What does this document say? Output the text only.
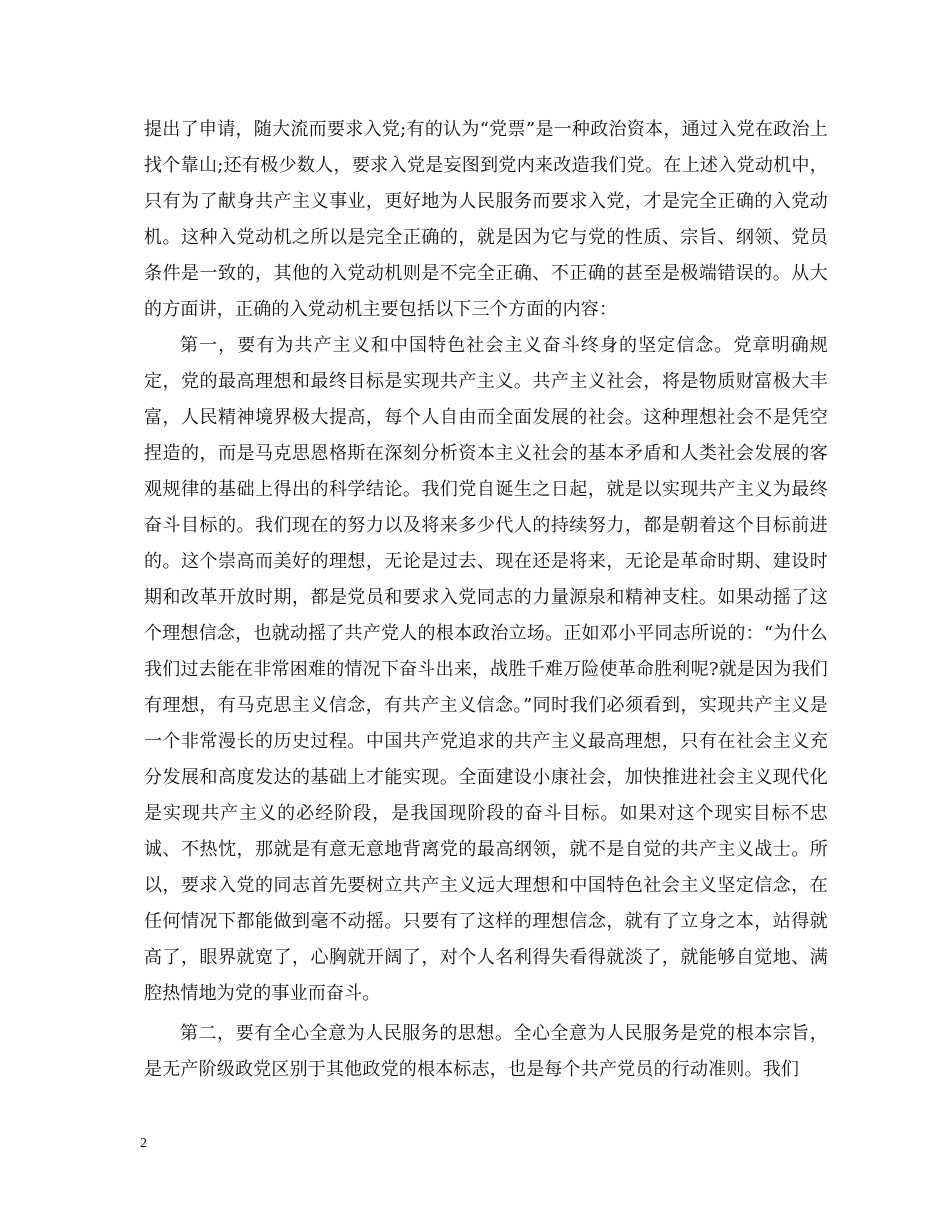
提出了申请，随大流而要求入党;有的认为“党票”是一种政治资本，通过入党在政治上找个靠山;还有极少数人，要求入党是妄图到党内来改造我们党。在上述入党动机中，只有为了献身共产主义事业，更好地为人民服务而要求入党，才是完全正确的入党动机。这种入党动机之所以是完全正确的，就是因为它与党的性质、宗旨、纲领、党员条件是一致的，其他的入党动机则是不完全正确、不正确的甚至是极端错误的。从大的方面讲，正确的入党动机主要包括以下三个方面的内容：

第一，要有为共产主义和中国特色社会主义奋斗终身的坚定信念。党章明确规定，党的最高理想和最终目标是实现共产主义。共产主义社会，将是物质财富极大丰富，人民精神境界极大提高，每个人自由而全面发展的社会。这种理想社会不是凭空捏造的，而是马克思恩格斯在深刻分析资本主义社会的基本矛盾和人类社会发展的客观规律的基础上得出的科学结论。我们党自诞生之日起，就是以实现共产主义为最终奋斗目标的。我们现在的努力以及将来多少代人的持续努力，都是朝着这个目标前进的。这个崇高而美好的理想，无论是过去、现在还是将来，无论是革命时期、建设时期和改革开放时期，都是党员和要求入党同志的力量源泉和精神支柱。如果动摇了这个理想信念，也就动摇了共产党人的根本政治立场。正如邓小平同志所说的：“为什么我们过去能在非常困难的情况下奋斗出来，战胜千难万险使革命胜利呢?就是因为我们有理想，有马克思主义信念，有共产主义信念。”同时我们必须看到，实现共产主义是一个非常漫长的历史过程。中国共产党追求的共产主义最高理想，只有在社会主义充分发展和高度发达的基础上才能实现。全面建设小康社会，加快推进社会主义现代化是实现共产主义的必经阶段，是我国现阶段的奋斗目标。如果对这个现实目标不忠诚、不热忱，那就是有意无意地背离党的最高纲领，就不是自觉的共产主义战士。所以，要求入党的同志首先要树立共产主义远大理想和中国特色社会主义坚定信念，在任何情况下都能做到毫不动摇。只要有了这样的理想信念，就有了立身之本，站得就高了，眼界就宽了，心胸就开阔了，对个人名利得失看得就淡了，就能够自觉地、满腔热情地为党的事业而奋斗。

第二，要有全心全意为人民服务的思想。全心全意为人民服务是党的根本宗旨，是无产阶级政党区别于其他政党的根本标志，也是每个共产党员的行动准则。我们

2
